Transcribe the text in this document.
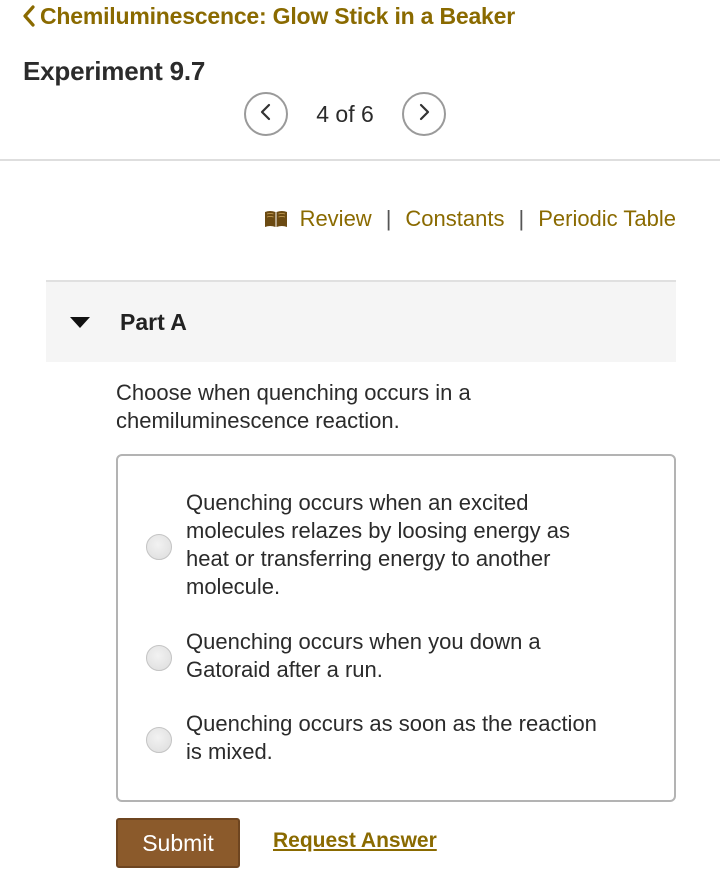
Chemiluminescence: Glow Stick in a Beaker
Experiment 9.7
4 of 6
Review | Constants | Periodic Table
Part A
Choose when quenching occurs in a chemiluminescence reaction.
Quenching occurs when an excited molecules relazes by loosing energy as heat or transferring energy to another molecule.
Quenching occurs when you down a Gatoraid after a run.
Quenching occurs as soon as the reaction is mixed.
Submit	Request Answer
